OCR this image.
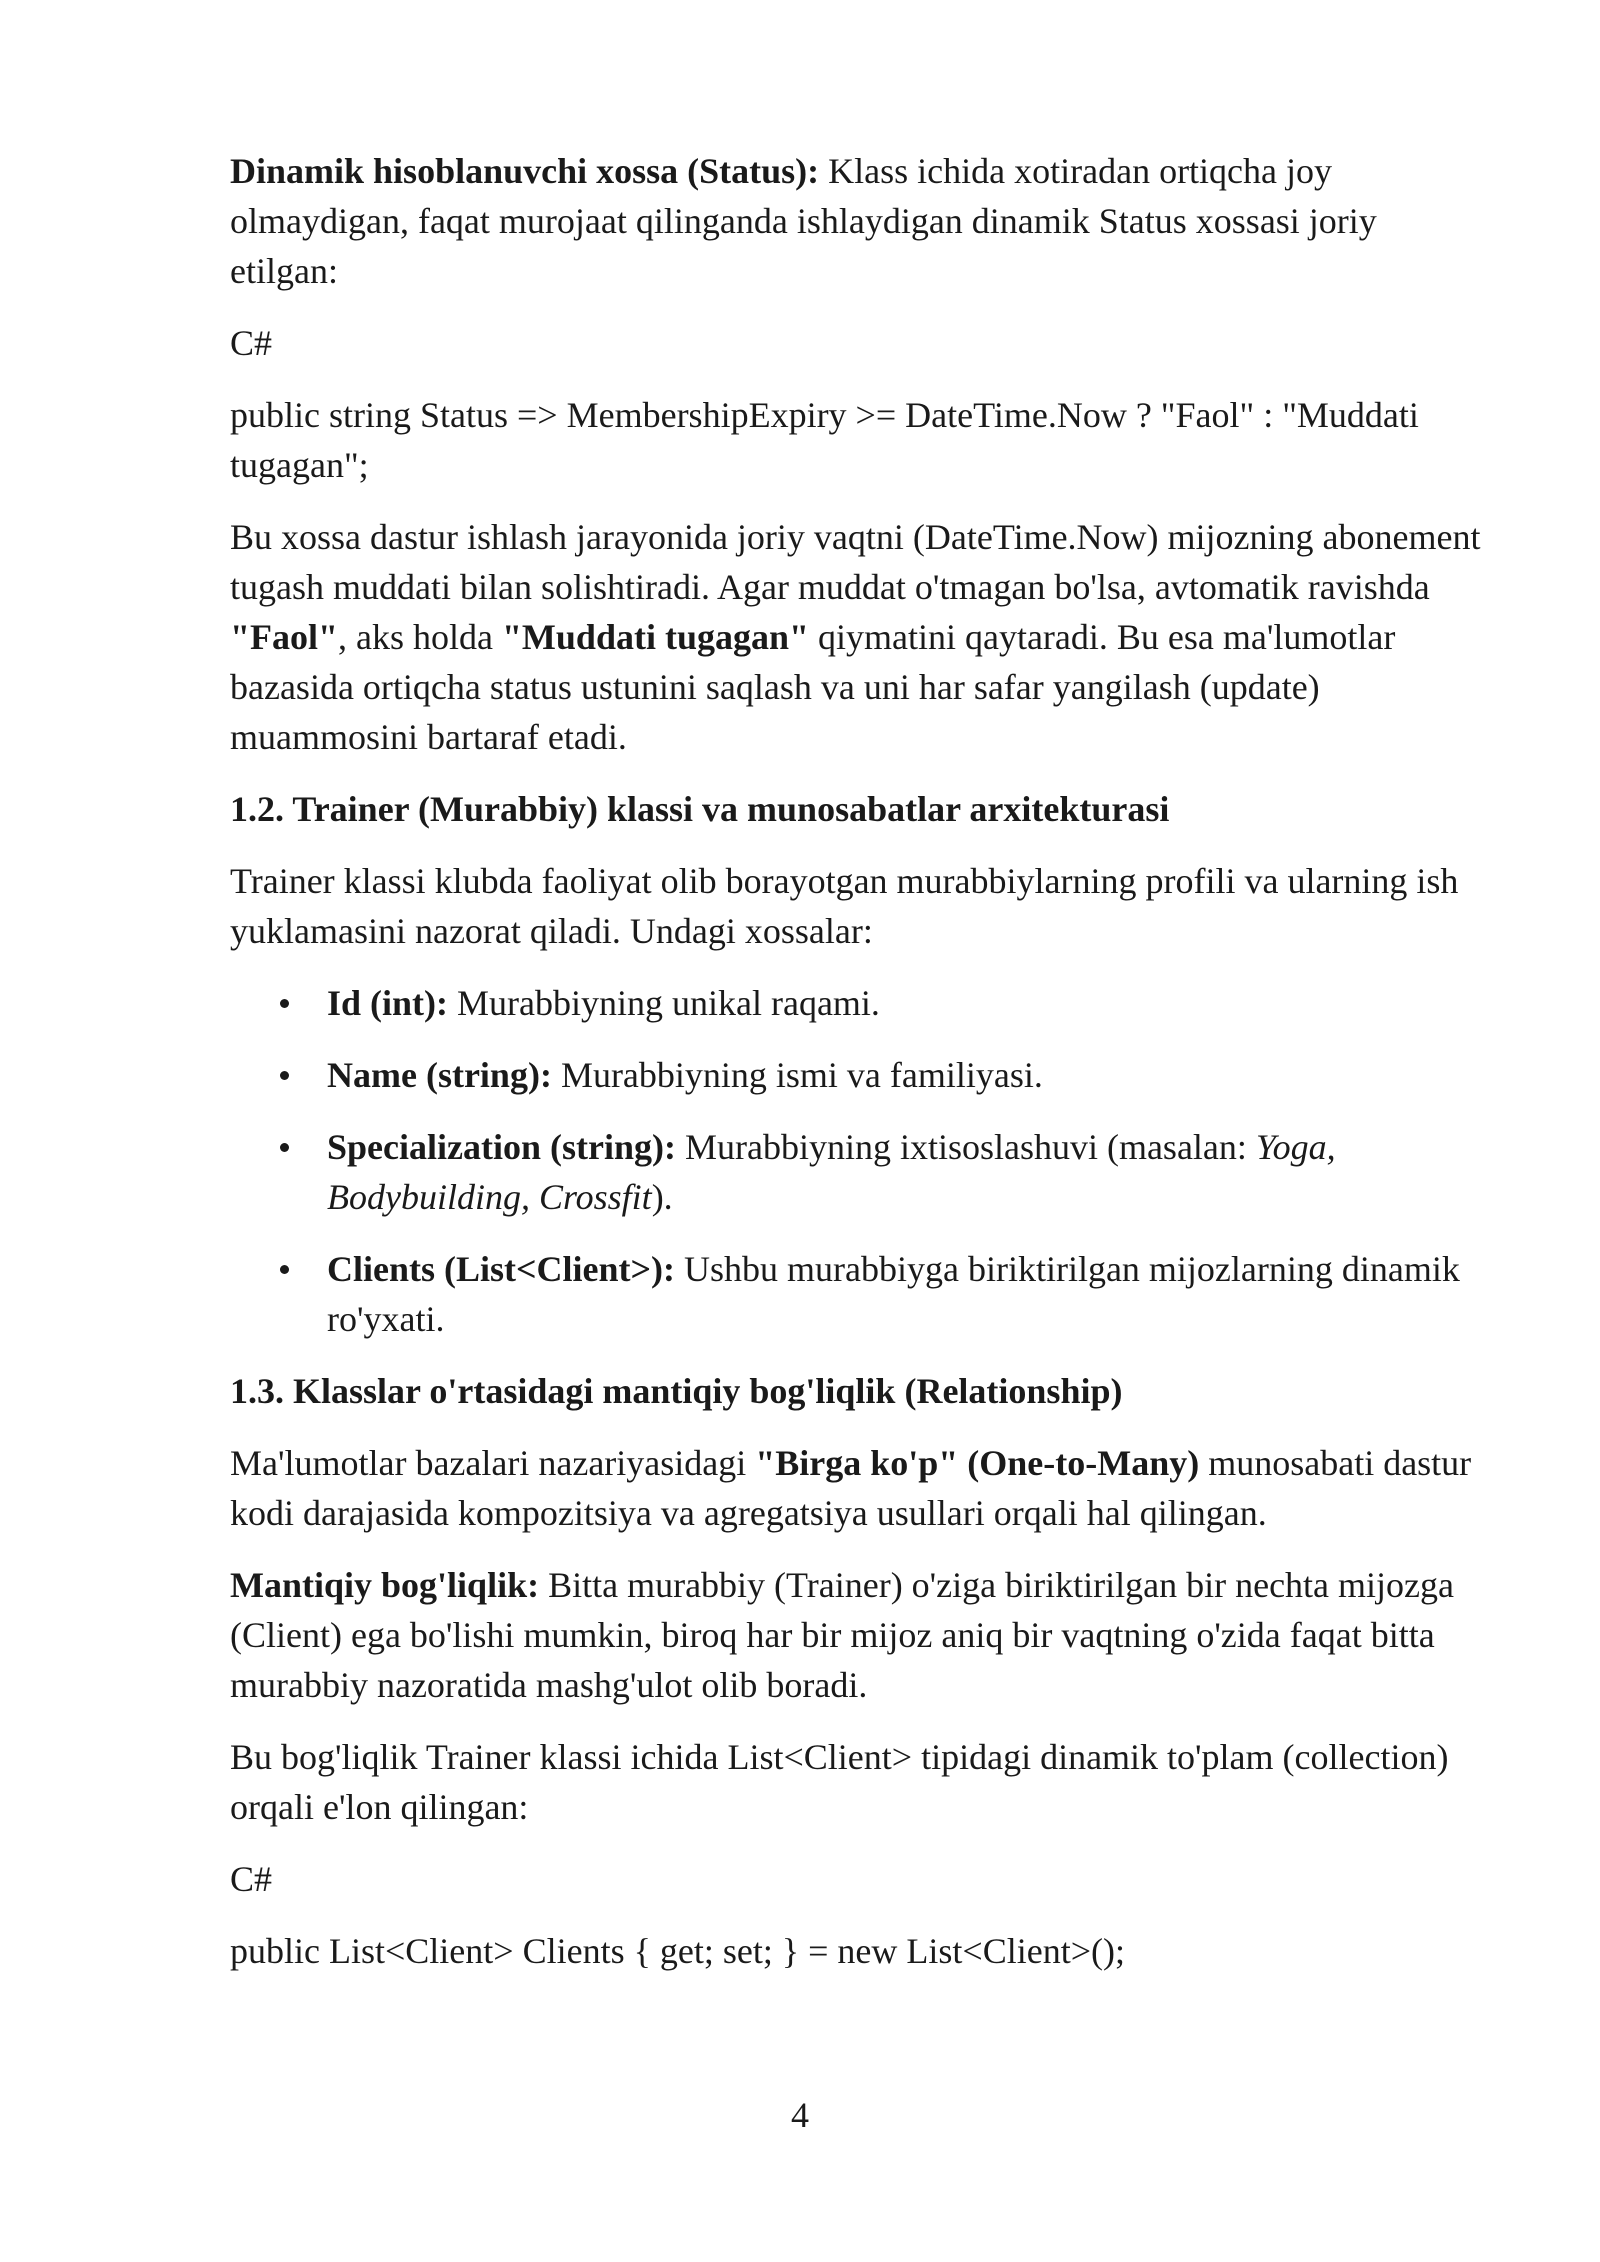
Dinamik hisoblanuvchi xossa (Status): Klass ichida xotiradan ortiqcha joy olmaydigan, faqat murojaat qilinganda ishlaydigan dinamik Status xossasi joriy etilgan:

C#

public string Status => MembershipExpiry >= DateTime.Now ? "Faol" : "Muddati tugagan";

Bu xossa dastur ishlash jarayonida joriy vaqtni (DateTime.Now) mijozning abonement tugash muddati bilan solishtiradi. Agar muddat o'tmagan bo'lsa, avtomatik ravishda "Faol", aks holda "Muddati tugagan" qiymatini qaytaradi. Bu esa ma'lumotlar bazasida ortiqcha status ustunini saqlash va uni har safar yangilash (update) muammosini bartaraf etadi.

1.2. Trainer (Murabbiy) klassi va munosabatlar arxitekturasi

Trainer klassi klubda faoliyat olib borayotgan murabbiylarning profili va ularning ish yuklamasini nazorat qiladi. Undagi xossalar:

Id (int): Murabbiyning unikal raqami.
Name (string): Murabbiyning ismi va familiyasi.
Specialization (string): Murabbiyning ixtisoslashuvi (masalan: Yoga, Bodybuilding, Crossfit).
Clients (List<Client>): Ushbu murabbiyga biriktirilgan mijozlarning dinamik ro'yxati.
1.3. Klasslar o'rtasidagi mantiqiy bog'liqlik (Relationship)

Ma'lumotlar bazalari nazariyasidagi "Birga ko'p" (One-to-Many) munosabati dastur kodi darajasida kompozitsiya va agregatsiya usullari orqali hal qilingan.

Mantiqiy bog'liqlik: Bitta murabbiy (Trainer) o'ziga biriktirilgan bir nechta mijozga (Client) ega bo'lishi mumkin, biroq har bir mijoz aniq bir vaqtning o'zida faqat bitta murabbiy nazoratida mashg'ulot olib boradi.

Bu bog'liqlik Trainer klassi ichida List<Client> tipidagi dinamik to'plam (collection) orqali e'lon qilingan:

C#

public List<Client> Clients { get; set; } = new List<Client>();

4
